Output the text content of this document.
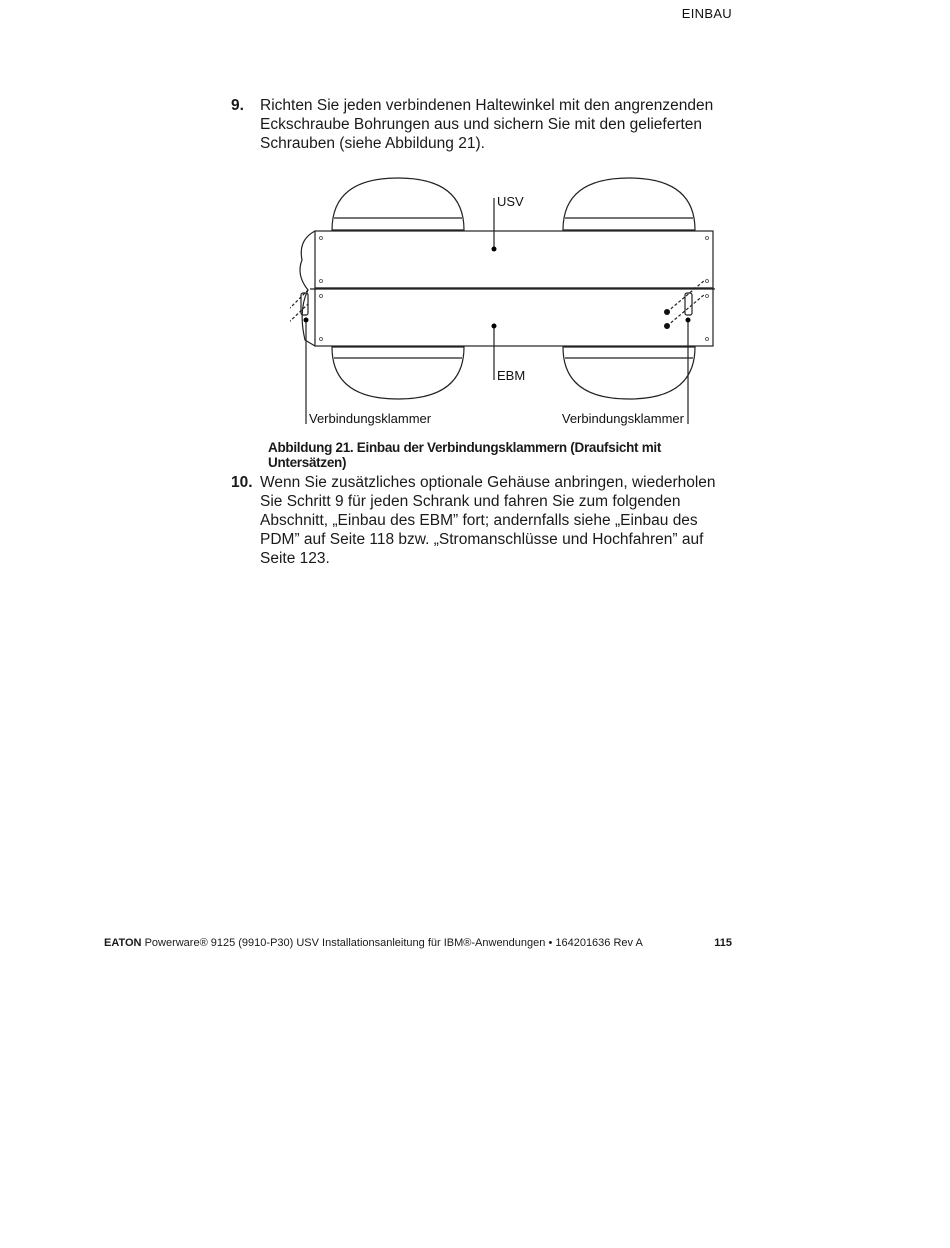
EINBAU
9. Richten Sie jeden verbindenen Haltewinkel mit den angrenzenden Eckschraube Bohrungen aus und sichern Sie mit den gelieferten Schrauben (siehe Abbildung 21).
USV
EBM
Verbindungsklammer	Verbindungsklammer
Abbildung 21. Einbau der Verbindungsklammern (Draufsicht mit Untersätzen)
10. Wenn Sie zusätzliches optionale Gehäuse anbringen, wiederholen Sie Schritt 9 für jeden Schrank und fahren Sie zum folgenden Abschnitt, „Einbau des EBM” fort; andernfalls siehe „Einbau des PDM” auf Seite 118 bzw. „Stromanschlüsse und Hochfahren” auf Seite 123.
EATON Powerware® 9125 (9910-P30) USV Installationsanleitung für IBM®-Anwendungen • 164201636 Rev A	115
